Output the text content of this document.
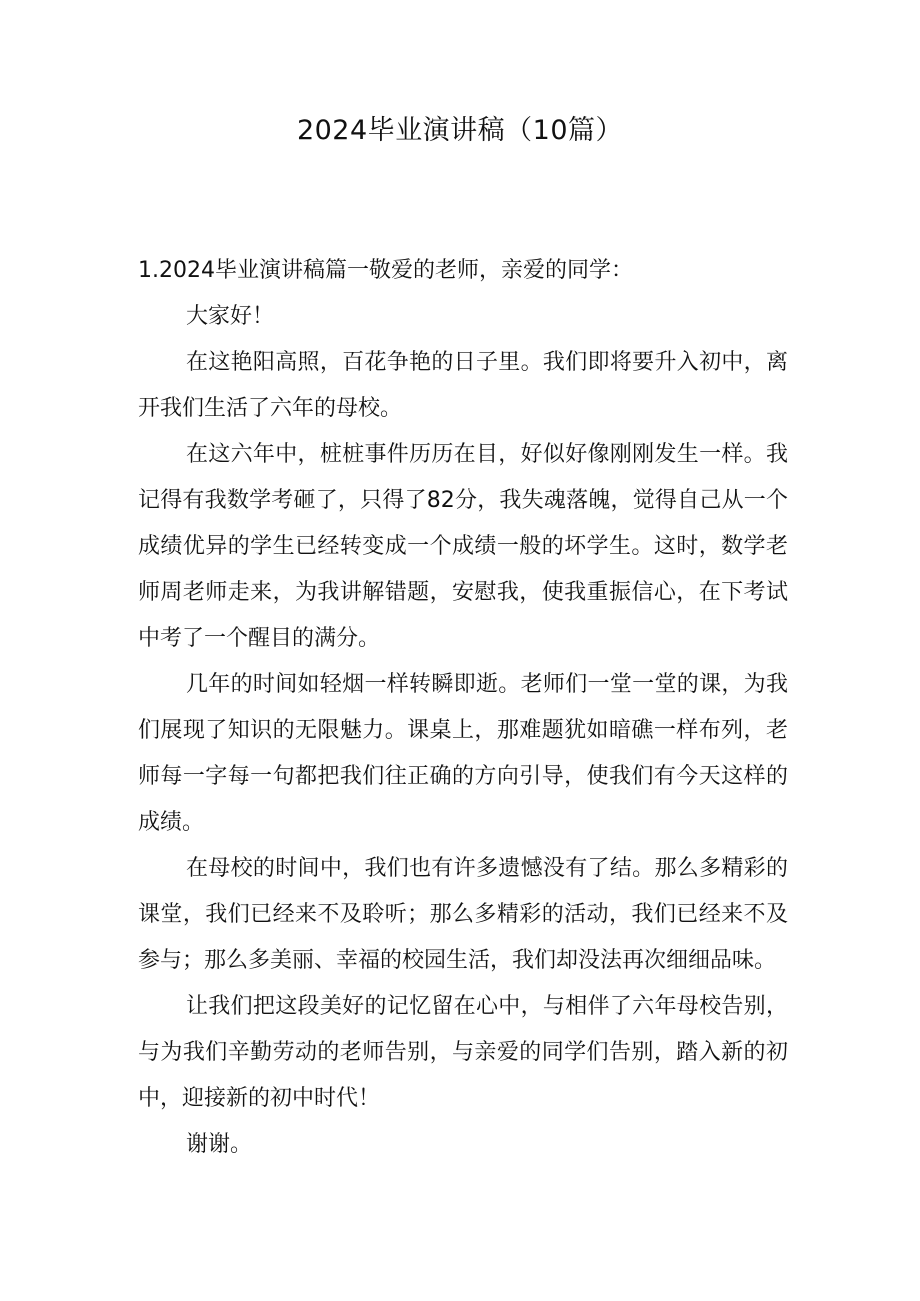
2024毕业演讲稿（10篇）

1.2024毕业演讲稿篇一敬爱的老师，亲爱的同学：

大家好！

在这艳阳高照，百花争艳的日子里。我们即将要升入初中，离开我们生活了六年的母校。

在这六年中，桩桩事件历历在目，好似好像刚刚发生一样。我记得有我数学考砸了，只得了82分，我失魂落魄，觉得自己从一个成绩优异的学生已经转变成一个成绩一般的坏学生。这时，数学老师周老师走来，为我讲解错题，安慰我，使我重振信心，在下考试中考了一个醒目的满分。

几年的时间如轻烟一样转瞬即逝。老师们一堂一堂的课，为我们展现了知识的无限魅力。课桌上，那难题犹如暗礁一样布列，老师每一字每一句都把我们往正确的方向引导，使我们有今天这样的成绩。

在母校的时间中，我们也有许多遗憾没有了结。那么多精彩的课堂，我们已经来不及聆听；那么多精彩的活动，我们已经来不及参与；那么多美丽、幸福的校园生活，我们却没法再次细细品味。

让我们把这段美好的记忆留在心中，与相伴了六年母校告别，与为我们辛勤劳动的老师告别，与亲爱的同学们告别，踏入新的初中，迎接新的初中时代！

谢谢。
